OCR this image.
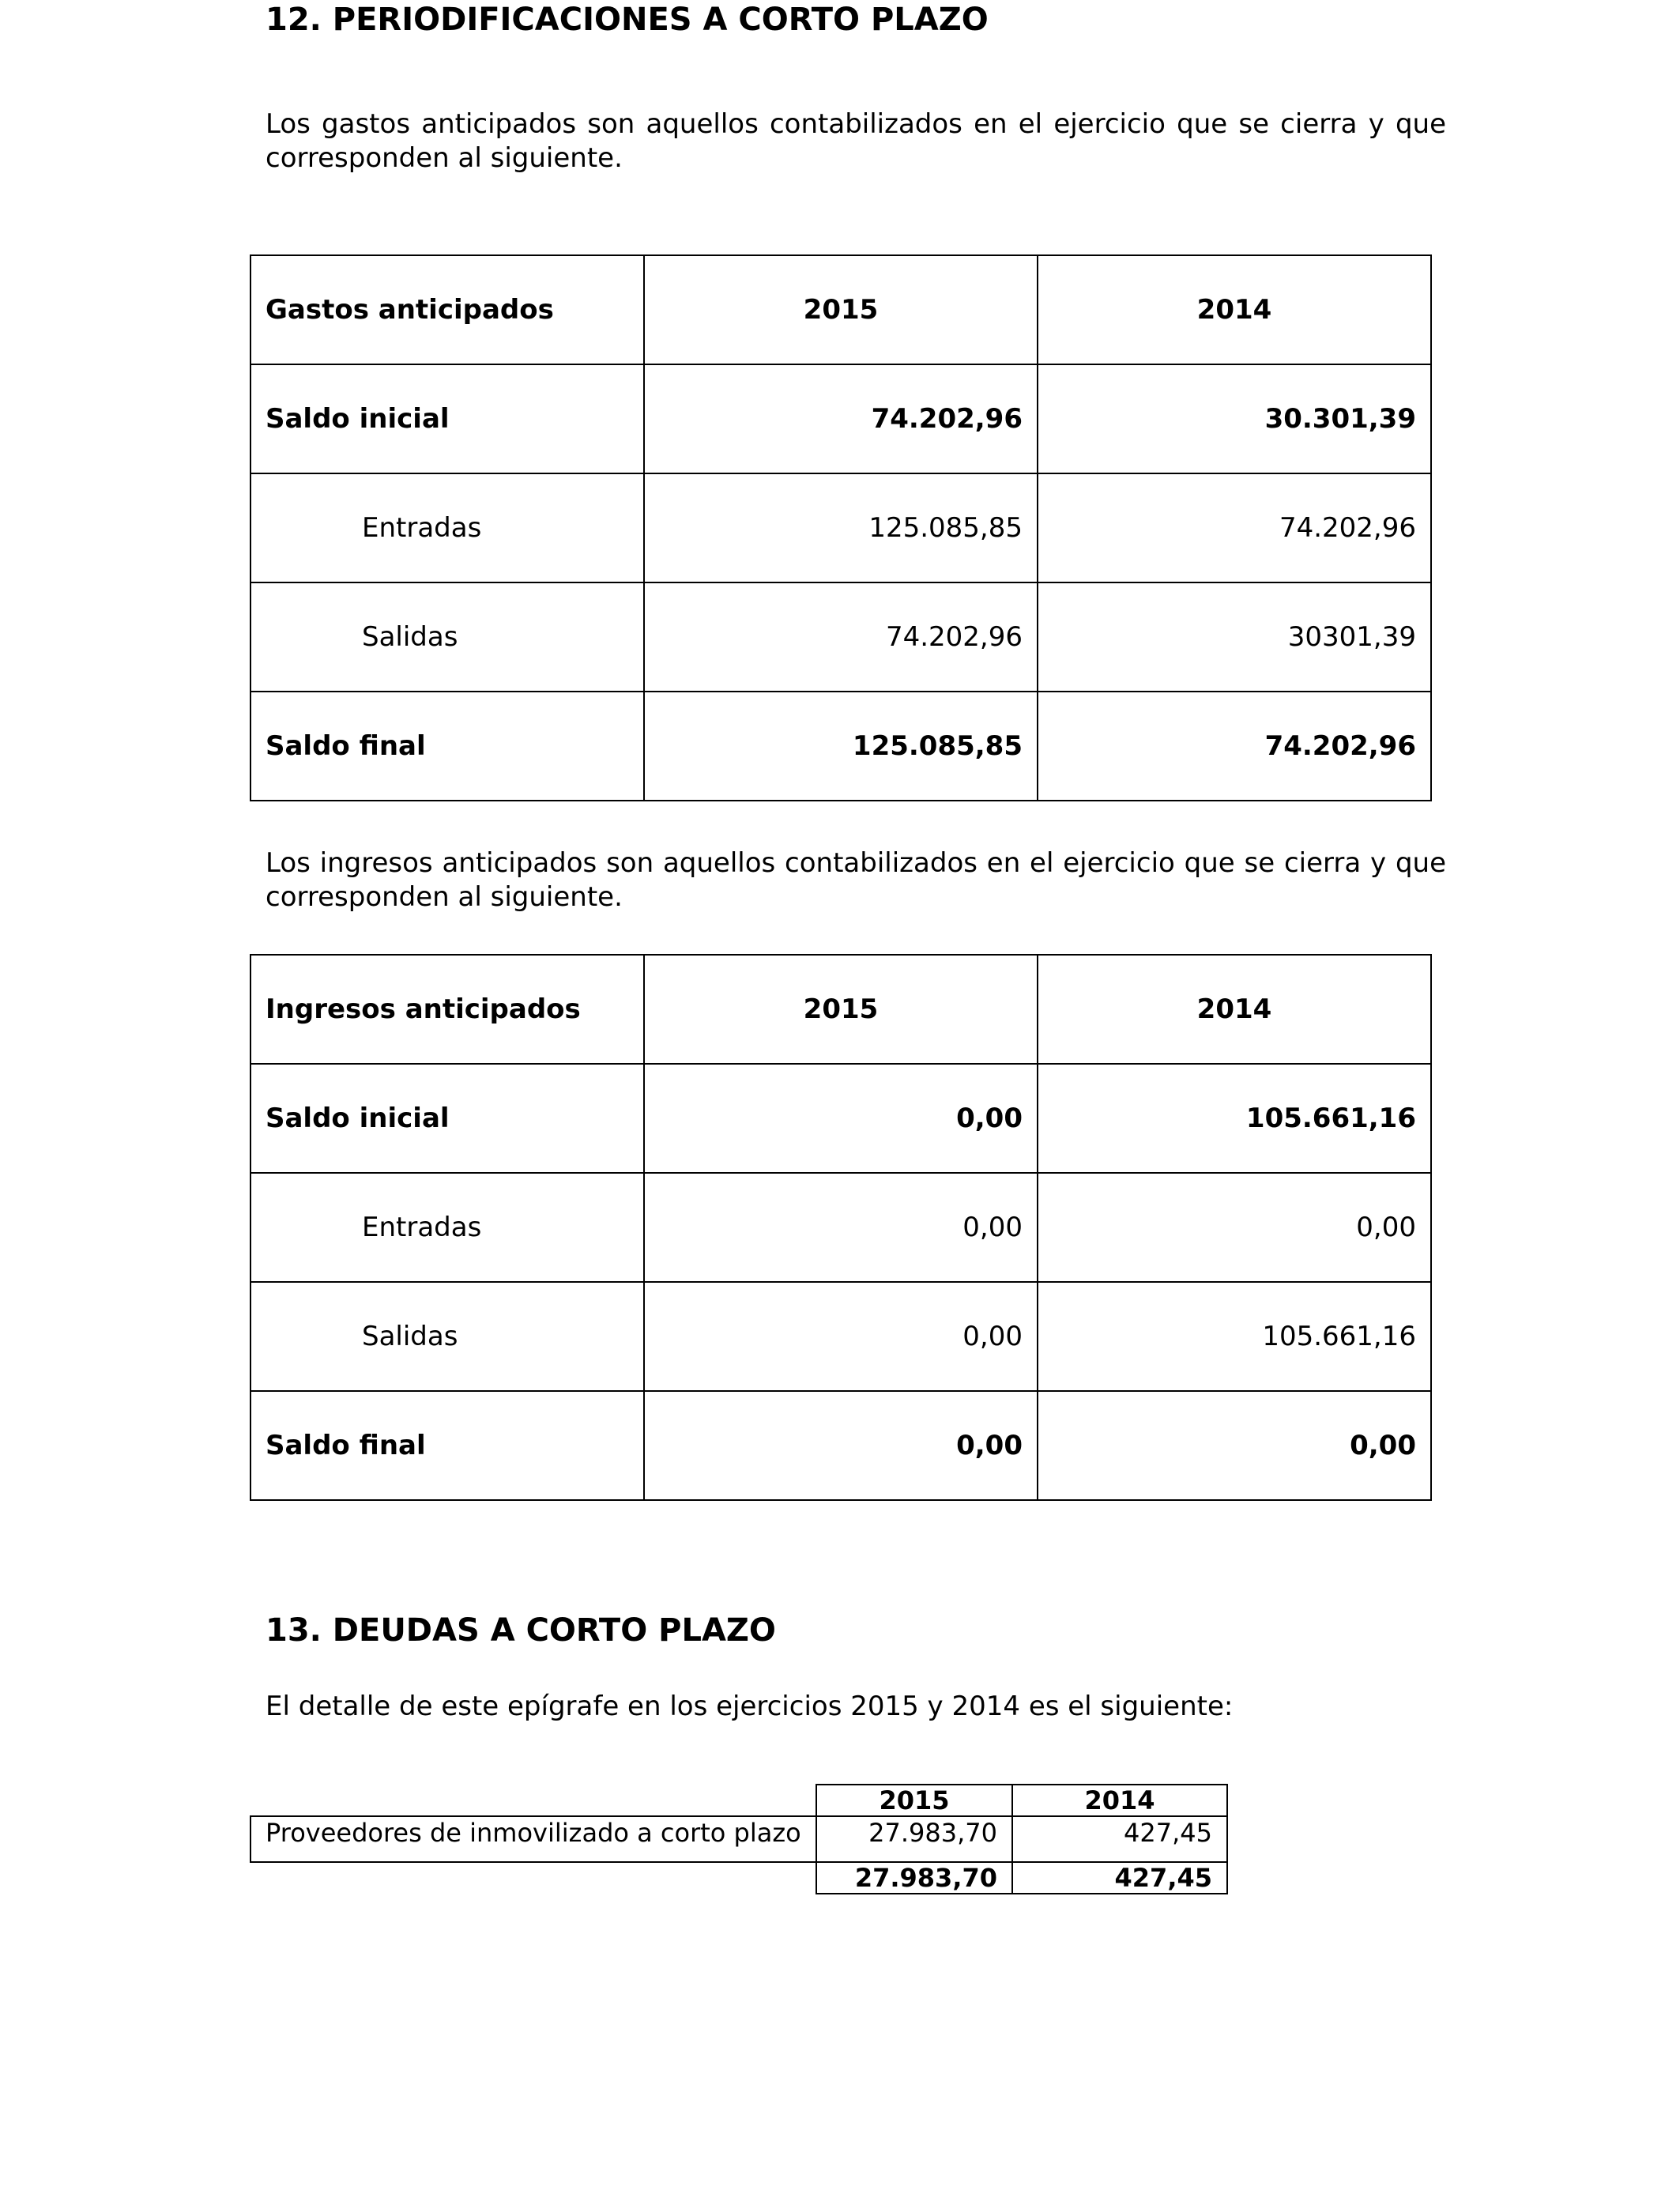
12. PERIODIFICACIONES A CORTO PLAZO

Los gastos anticipados son aquellos contabilizados en el ejercicio que se cierra y que corresponden al siguiente.

Gastos anticipados	2015	2014
Saldo inicial	74.202,96	30.301,39
Entradas	125.085,85	74.202,96
Salidas	74.202,96	30301,39
Saldo final	125.085,85	74.202,96

Los ingresos anticipados son aquellos contabilizados en el ejercicio que se cierra y que corresponden al siguiente.

Ingresos anticipados	2015	2014
Saldo inicial	0,00	105.661,16
Entradas	0,00	0,00
Salidas	0,00	105.661,16
Saldo final	0,00	0,00
13. DEUDAS A CORTO PLAZO

El detalle de este epígrafe en los ejercicios 2015 y 2014 es el siguiente:

	2015	2014
Proveedores de inmovilizado a corto plazo	27.983,70	427,45
	27.983,70	427,45
